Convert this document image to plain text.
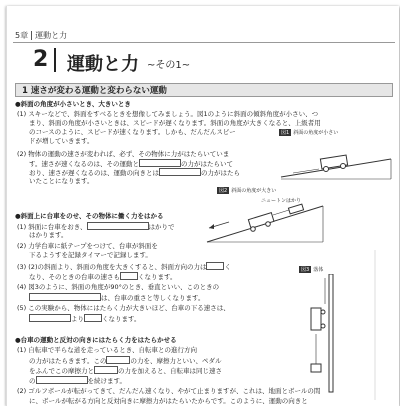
5章 運動と力
2	運動と力 ~その1~
1 速さが変わる運動と変わらない運動
●斜面の角度が小さいとき、大きいとき
(1) スキーなどで、斜面をすべるときを想像してみましょう。図1のように斜面の傾斜角度が小さい、つ
まり、斜面の角度が小さいときは、スピードが遅くなります。斜面の角度が大きくなると、上級者用
のコースのように、スピードが速くなります。しかも、だんだんスピー
ドが増していきます。
(2) 物体の運動の速さが変われば、必ず、その物体に力がはたらいていま
す。速さが速くなるのは、その運動と	の力がはたらいて
おり、速さが遅くなるのは、運動の向きとは	の力がはたら
いたことになります。
図1 斜面の角度が小さい
図2 斜面の角度が大きい
ニュートンはかり
図3 落体
●斜面上に台車をのせ、その物体に働く力をはかる
(1) 斜面に台車をおき、	はかりで
はかります。
(2) 力学台車に紙テープをつけて、台車が斜面を
下るようすを記録タイマーで記録します。
(3) (2)の斜面より、斜面の角度を大きくすると、斜面方向の力は	く
なり、そのときの台車の速さも	くなります。
(4) 図3のように、斜面の角度が90°のとき、垂直といい、このときの
は、台車の重さと等しくなります。
(5) この実験から、物体にはたらく力が大きいほど、台車の下る速さは、
より	くなります。
●台車の運動と反対の向きにはたらく力をはたらかせる
(1) 自転車で平らな道を走っているとき、自転車との進行方向
の力がはたらきます。この	の力を、摩擦力といい、ペダル
をふんでこの摩擦力と	の力を加えると、自転車は同じ速さ
の	を続けます。
(2) ゴルフボールが転がってきて、だんだん速くなり、やがて止まりますが、これは、地面とボールの間
に、ボールが転がる方向と反対向きに摩擦力がはたらいたからです。このように、運動の向きと
